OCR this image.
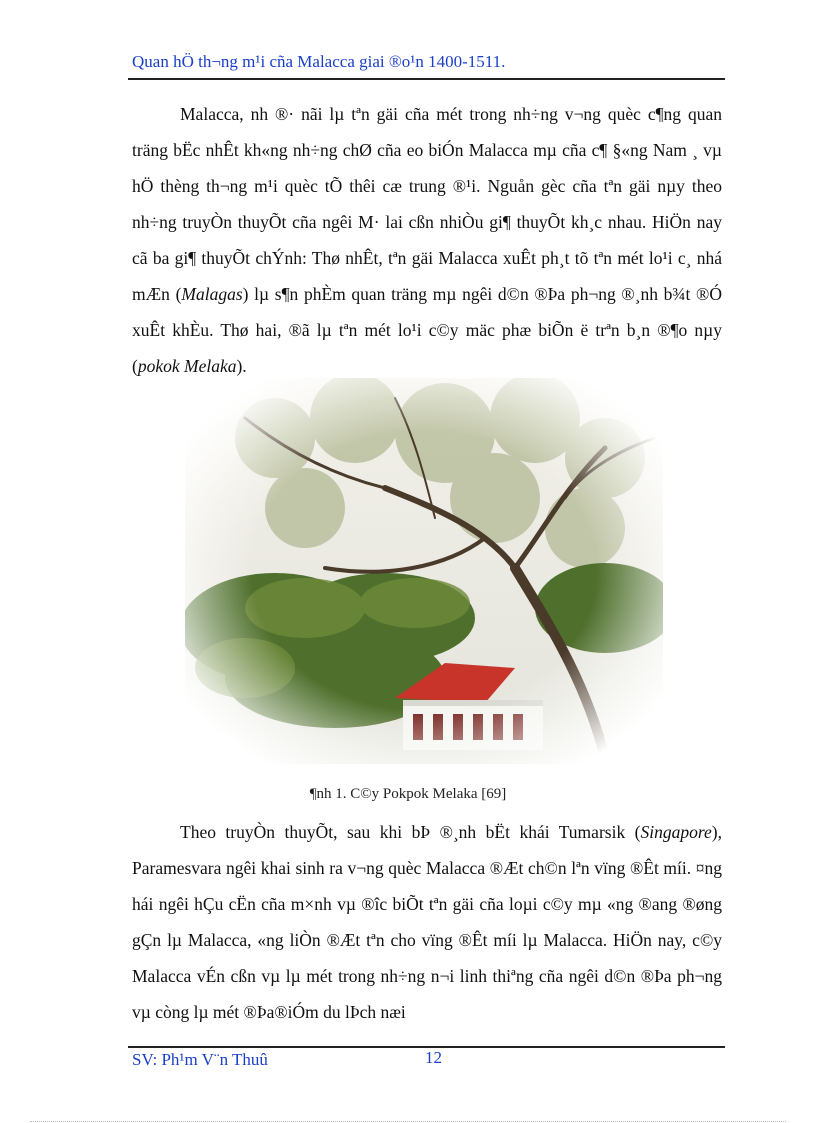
Quan hÖ th¬ng m¹i cña Malacca giai ®o¹n 1400-1511.
Malacca, nh ®· nãi lµ tªn gäi cña mét trong nh÷ng v¬ng quèc c¶ng quan träng bËc nhÊt kh«ng nh÷ng chØ cña eo biÓn Malacca mµ cña c¶ §«ng Nam ¸ vµ hÖ thèng th¬ng m¹i quèc tÕ thêi cæ trung ®¹i. Nguån gèc cña tªn gäi nµy theo nh÷ng truyÒn thuyÕt cña ngêi M· lai cßn nhiÒu gi¶ thuyÕt kh¸c nhau. HiÖn nay cã ba gi¶ thuyÕt chÝnh: Thø nhÊt, tªn gäi Malacca xuÊt ph¸t tõ tªn mét lo¹i c¸ nhá mÆn (Malagas) lµ s¶n phÈm quan träng mµ ngêi d©n ®Þa ph¬ng ®¸nh b¾t ®Ó xuÊt khÈu. Thø hai, ®ã lµ tªn mét lo¹i c©y mäc phæ biÕn ë trªn b¸n ®¶o nµy (pokok Melaka).
¶nh 1. C©y Pokpok Melaka [69]
Theo truyÒn thuyÕt, sau khi bÞ ®¸nh bËt khái Tumarsik (Singapore), Paramesvara ngêi khai sinh ra v¬ng quèc Malacca ®Æt ch©n lªn vïng ®Êt míi. ¤ng hái ngêi hÇu cËn cña m×nh vµ ®îc biÕt tªn gäi cña loµi c©y mµ «ng ®ang ®øng gÇn lµ Malacca, «ng liÒn ®Æt tªn cho vïng ®Êt míi lµ Malacca. HiÖn nay, c©y Malacca vÉn cßn vµ lµ mét trong nh÷ng n¬i linh thiªng cña ngêi d©n ®Þa ph¬ng vµ còng lµ mét ®Þa®iÓm du lÞch næi
SV: Ph¹m V¨n Thuû	12
